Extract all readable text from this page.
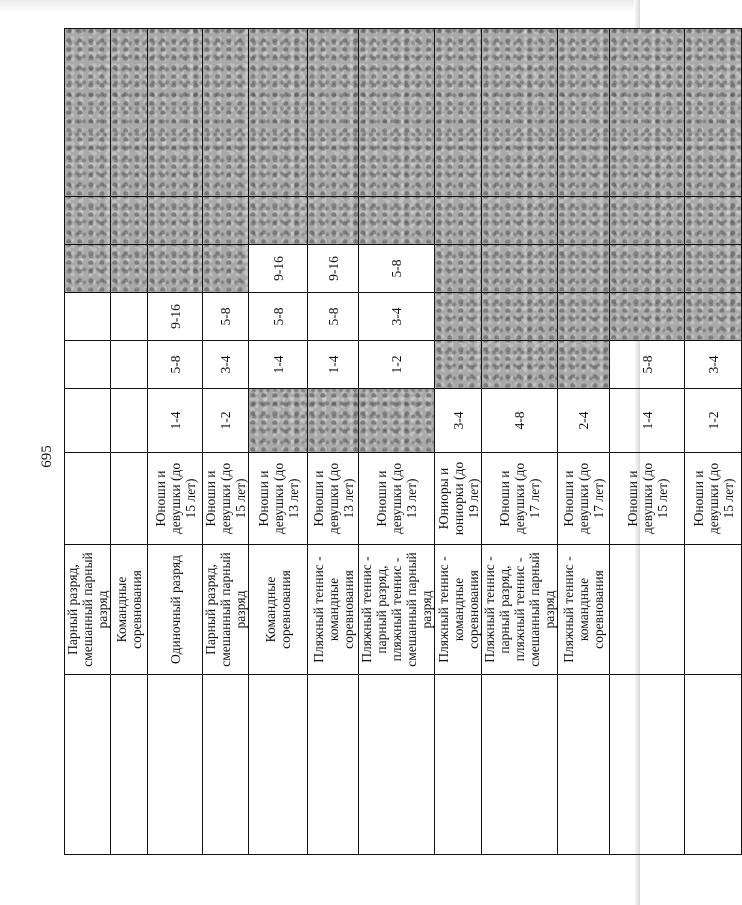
695
	Парный разряд, смешанный парный разряд							
	Командные соревнования							
	Одиночный разряд	Юноши и девушки (до 15 лет)	1-4	5-8	9-16			
	Парный разряд, смешанный парный разряд	Юноши и девушки (до 15 лет)	1-2	3-4	5-8			
	Командные соревнования	Юноши и девушки (до 13 лет)		1-4	5-8	9-16		
	Пляжный теннис - командные соревнования	Юноши и девушки (до 13 лет)		1-4	5-8	9-16		
	Пляжный теннис - парный разряд, пляжный теннис - смешанный парный разряд	Юноши и девушки (до 13 лет)		1-2	3-4	5-8		
	Пляжный теннис - командные соревнования	Юниоры и юниорки (до 19 лет)	3-4					
	Пляжный теннис - парный разряд, пляжный теннис - смешанный парный разряд	Юноши и девушки (до 17 лет)	4-8					
	Пляжный теннис - командные соревнования	Юноши и девушки (до 17 лет)	2-4					
		Юноши и девушки (до 15 лет)	1-4	5-8				
		Юноши и девушки (до 15 лет)	1-2	3-4				
